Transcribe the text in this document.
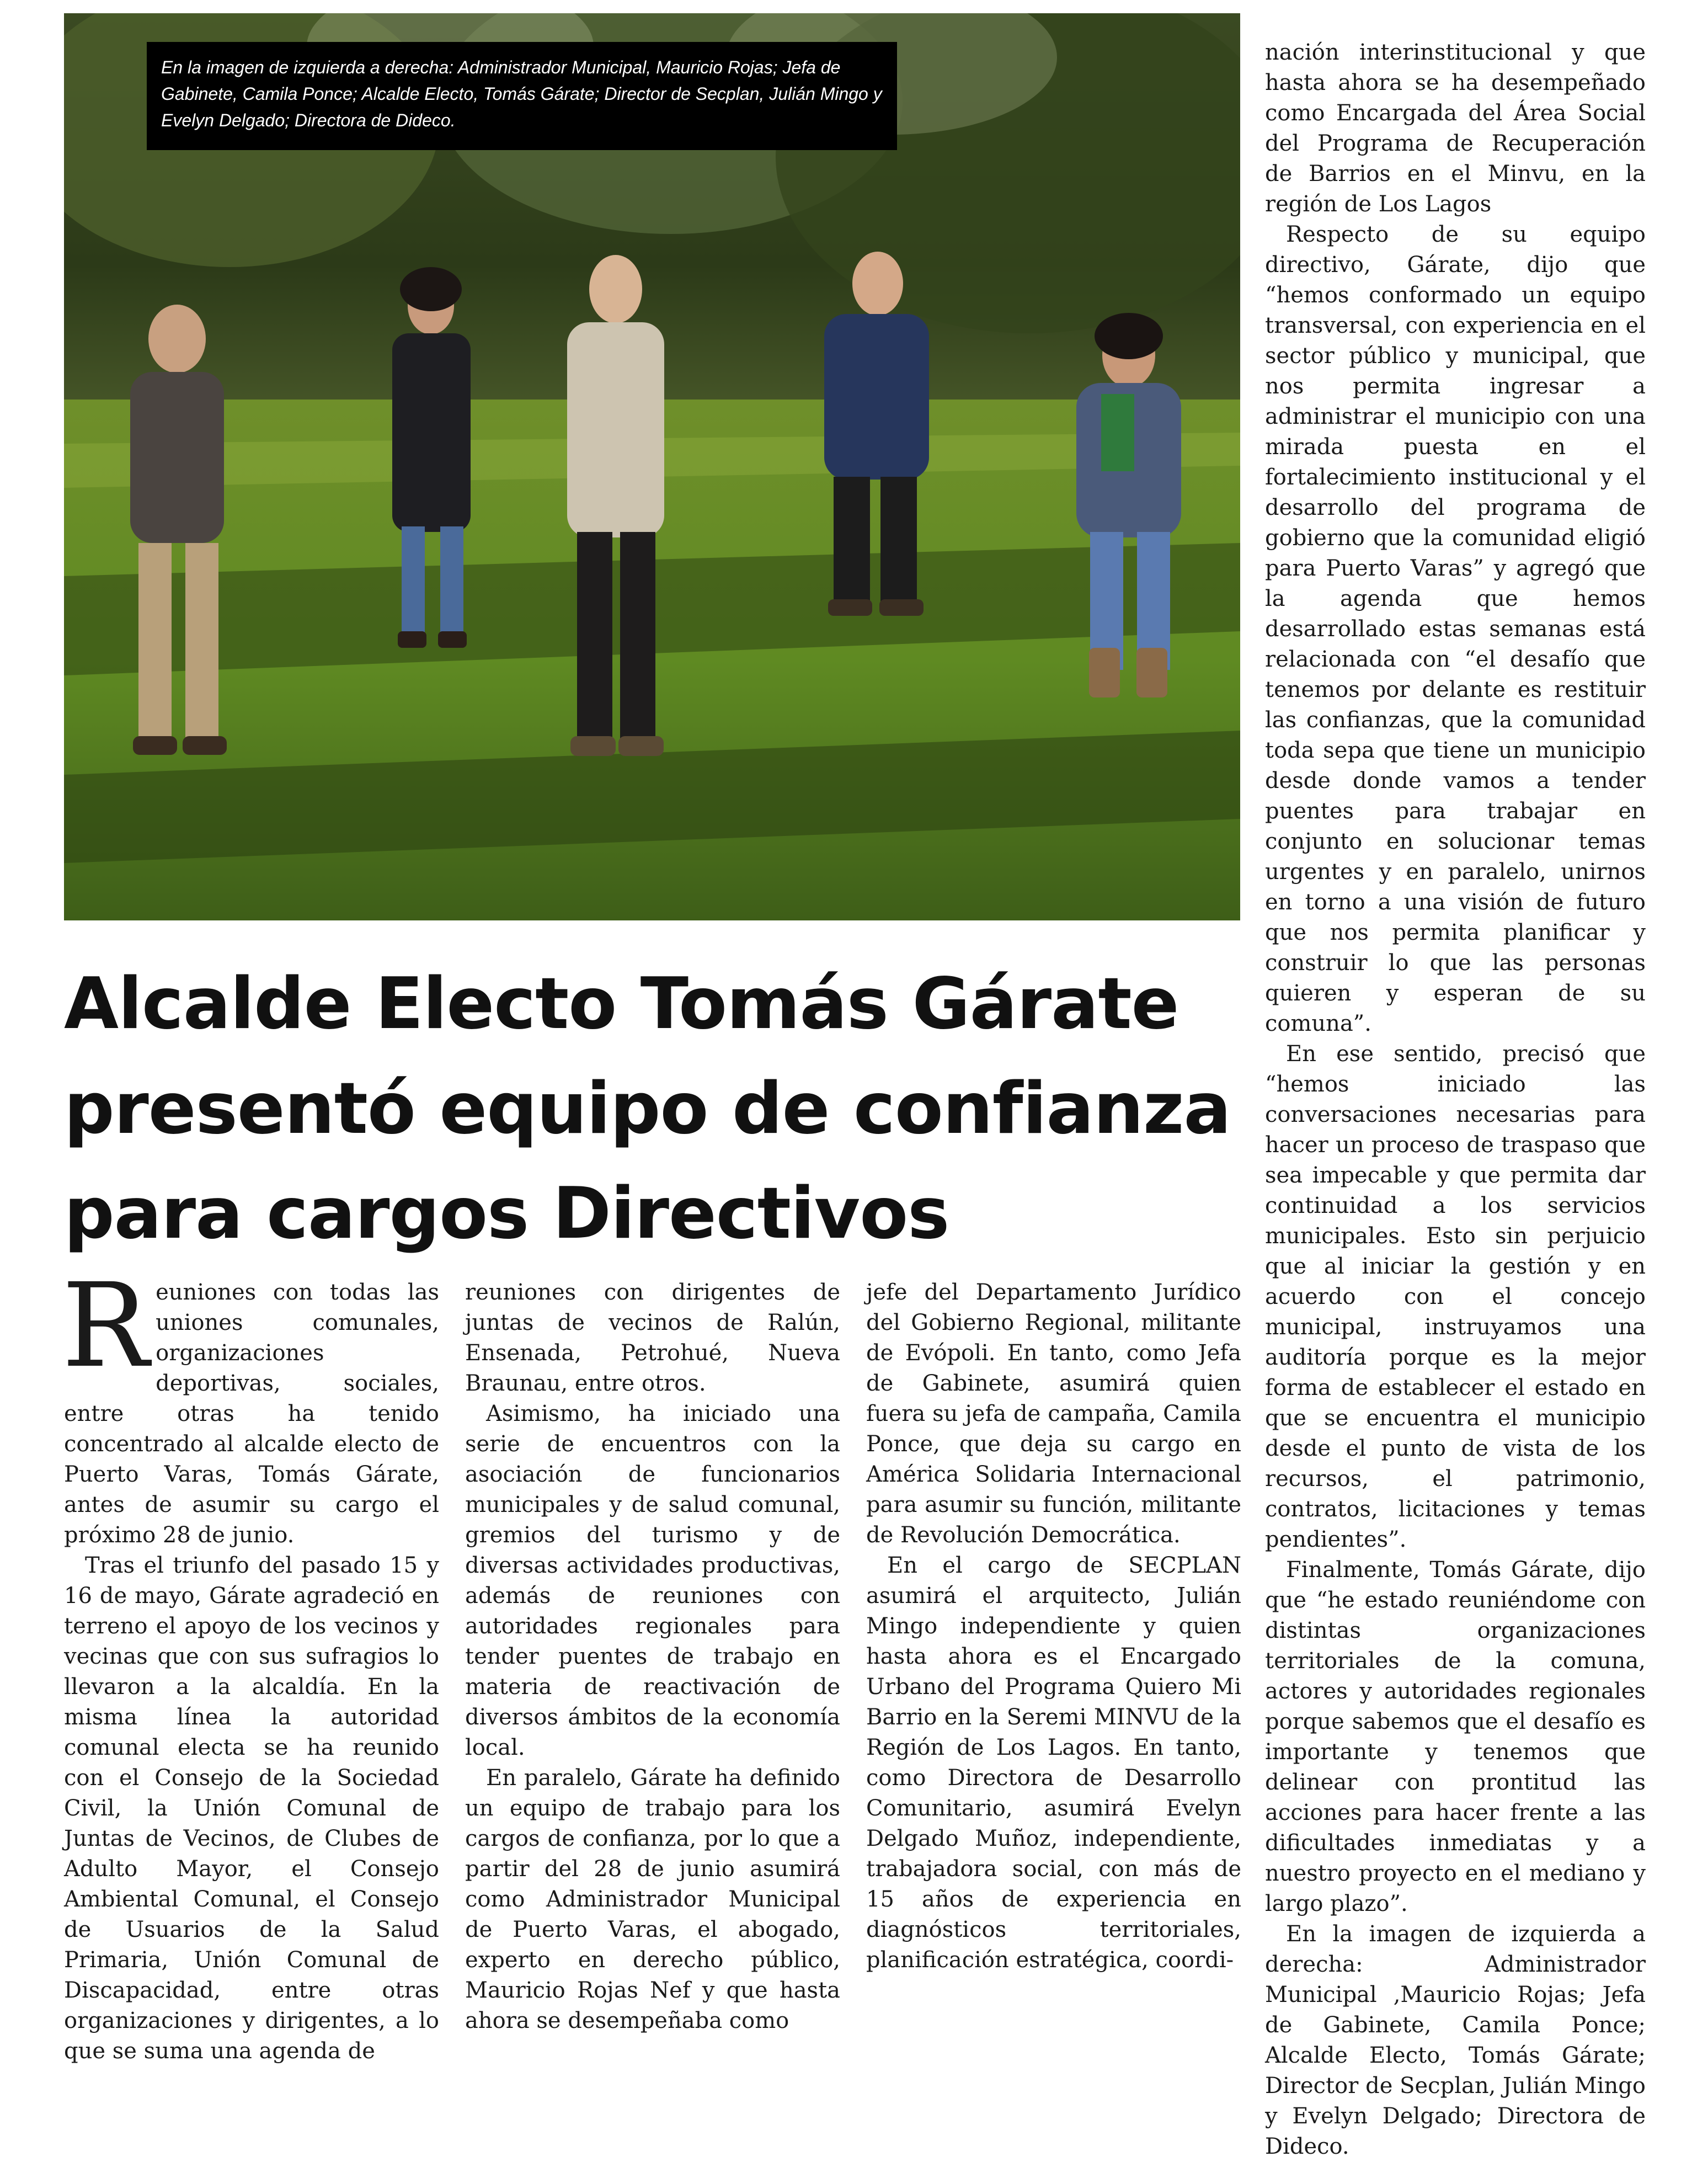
En la imagen de izquierda a derecha: Administrador Municipal, Mauricio Rojas; Jefa de Gabinete, Camila Ponce; Alcalde Electo, Tomás Gárate; Director de Secplan, Julián Mingo y Evelyn Delgado; Directora de Dideco.
Alcalde Electo Tomás Gárate
presentó equipo de confianza
para cargos Directivos

Reuniones con todas las uniones comunales, organizaciones deportivas, sociales, entre otras ha tenido concentrado al alcalde electo de Puerto Varas, Tomás Gárate, antes de asumir su cargo el próximo 28 de junio.

Tras el triunfo del pasado 15 y 16 de mayo, Gárate agradeció en terreno el apoyo de los vecinos y vecinas que con sus sufragios lo llevaron a la alcaldía. En la misma línea la autoridad comunal electa se ha reunido con el Consejo de la Sociedad Civil, la Unión Comunal de Juntas de Vecinos, de Clubes de Adulto Mayor, el Consejo Ambiental Comunal, el Consejo de Usuarios de la Salud Primaria, Unión Comunal de Discapacidad, entre otras organizaciones y dirigentes, a lo que se suma una agenda de

reuniones con dirigentes de juntas de vecinos de Ralún, Ensenada, Petrohué, Nueva Braunau, entre otros.

Asimismo, ha iniciado una serie de encuentros con la asociación de funcionarios municipales y de salud comunal, gremios del turismo y de diversas actividades productivas, además de reuniones con autoridades regionales para tender puentes de trabajo en materia de reactivación de diversos ámbitos de la economía local.

En paralelo, Gárate ha definido un equipo de trabajo para los cargos de confianza, por lo que a partir del 28 de junio asumirá como Administrador Municipal de Puerto Varas, el abogado, experto en derecho público, Mauricio Rojas Nef y que hasta ahora se desempeñaba como

jefe del Departamento Jurídico del Gobierno Regional, militante de Evópoli. En tanto, como Jefa de Gabinete, asumirá quien fuera su jefa de campaña, Camila Ponce, que deja su cargo en América Solidaria Internacional para asumir su función, militante de Revolución Democrática.

En el cargo de SECPLAN asumirá el arquitecto, Julián Mingo independiente y quien hasta ahora es el Encargado Urbano del Programa Quiero Mi Barrio en la Seremi MINVU de la Región de Los Lagos. En tanto, como Directora de Desarrollo Comunitario, asumirá Evelyn Delgado Muñoz, independiente, trabajadora social, con más de 15 años de experiencia en diagnósticos territoriales, planificación estratégica, coordi-

nación interinstitucional y que hasta ahora se ha desempeñado como Encargada del Área Social del Programa de Recuperación de Barrios en el Minvu, en la región de Los Lagos

Respecto de su equipo directivo, Gárate, dijo que “hemos conformado un equipo transversal, con experiencia en el sector público y municipal, que nos permita ingresar a administrar el municipio con una mirada puesta en el fortalecimiento institucional y el desarrollo del programa de gobierno que la comunidad eligió para Puerto Varas” y agregó que la agenda que hemos desarrollado estas semanas está relacionada con “el desafío que tenemos por delante es restituir las confianzas, que la comunidad toda sepa que tiene un municipio desde donde vamos a tender puentes para trabajar en conjunto en solucionar temas urgentes y en paralelo, unirnos en torno a una visión de futuro que nos permita planificar y construir lo que las personas quieren y esperan de su comuna”.

En ese sentido, precisó que “hemos iniciado las conversaciones necesarias para hacer un proceso de traspaso que sea impecable y que permita dar continuidad a los servicios municipales. Esto sin perjuicio que al iniciar la gestión y en acuerdo con el concejo municipal, instruyamos una auditoría porque es la mejor forma de establecer el estado en que se encuentra el municipio desde el punto de vista de los recursos, el patrimonio, contratos, licitaciones y temas pendientes”.

Finalmente, Tomás Gárate, dijo que “he estado reuniéndome con distintas organizaciones territoriales de la comuna, actores y autoridades regionales porque sabemos que el desafío es importante y tenemos que delinear con prontitud las acciones para hacer frente a las dificultades inmediatas y a nuestro proyecto en el mediano y largo plazo”.

En la imagen de izquierda a derecha: Administrador Municipal ,Mauricio Rojas; Jefa de Gabinete, Camila Ponce; Alcalde Electo, Tomás Gárate; Director de Secplan, Julián Mingo y Evelyn Delgado; Directora de Dideco.
